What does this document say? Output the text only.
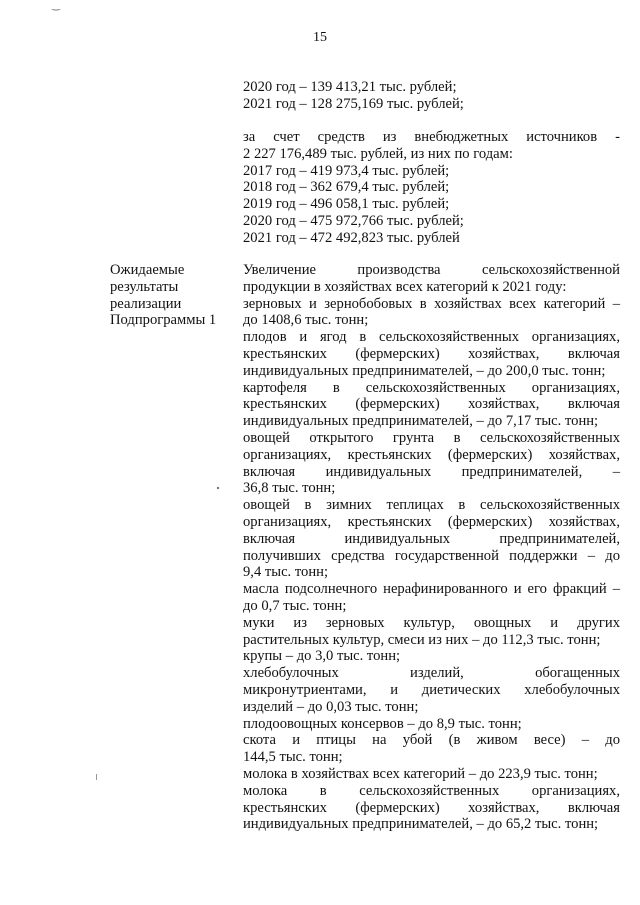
‿
15
2020 год – 139 413,21 тыс. рублей;
2021 год – 128 275,169 тыс. рублей;
за счет средств из внебюджетных источников -
2 227 176,489 тыс. рублей, из них по годам:
2017 год – 419 973,4 тыс. рублей;
2018 год – 362 679,4 тыс. рублей;
2019 год – 496 058,1 тыс. рублей;
2020 год – 475 972,766 тыс. рублей;
2021 год – 472 492,823 тыс. рублей
Ожидаемые
результаты
реализации
Подпрограммы 1
Увеличение производства сельскохозяйственной
продукции в хозяйствах всех категорий к 2021 году:
зерновых и зернобобовых в хозяйствах всех категорий –
до 1408,6 тыс. тонн;
плодов и ягод в сельскохозяйственных организациях,
крестьянских (фермерских) хозяйствах, включая
индивидуальных предпринимателей, – до 200,0 тыс. тонн;
картофеля в сельскохозяйственных организациях,
крестьянских (фермерских) хозяйствах, включая
индивидуальных предпринимателей, – до 7,17 тыс. тонн;
овощей открытого грунта в сельскохозяйственных
организациях, крестьянских (фермерских) хозяйствах,
включая индивидуальных предпринимателей, –
36,8 тыс. тонн;
овощей в зимних теплицах в сельскохозяйственных
организациях, крестьянских (фермерских) хозяйствах,
включая индивидуальных предпринимателей,
получивших средства государственной поддержки – до
9,4 тыс. тонн;
масла подсолнечного нерафинированного и его фракций –
до 0,7 тыс. тонн;
муки из зерновых культур, овощных и других
растительных культур, смеси из них – до 112,3 тыс. тонн;
крупы – до 3,0 тыс. тонн;
хлебобулочных изделий, обогащенных
микронутриентами, и диетических хлебобулочных
изделий – до 0,03 тыс. тонн;
плодоовощных консервов – до 8,9 тыс. тонн;
скота и птицы на убой (в живом весе) – до
144,5 тыс. тонн;
молока в хозяйствах всех категорий – до 223,9 тыс. тонн;
молока в сельскохозяйственных организациях,
крестьянских (фермерских) хозяйствах, включая
индивидуальных предпринимателей, – до 65,2 тыс. тонн;
